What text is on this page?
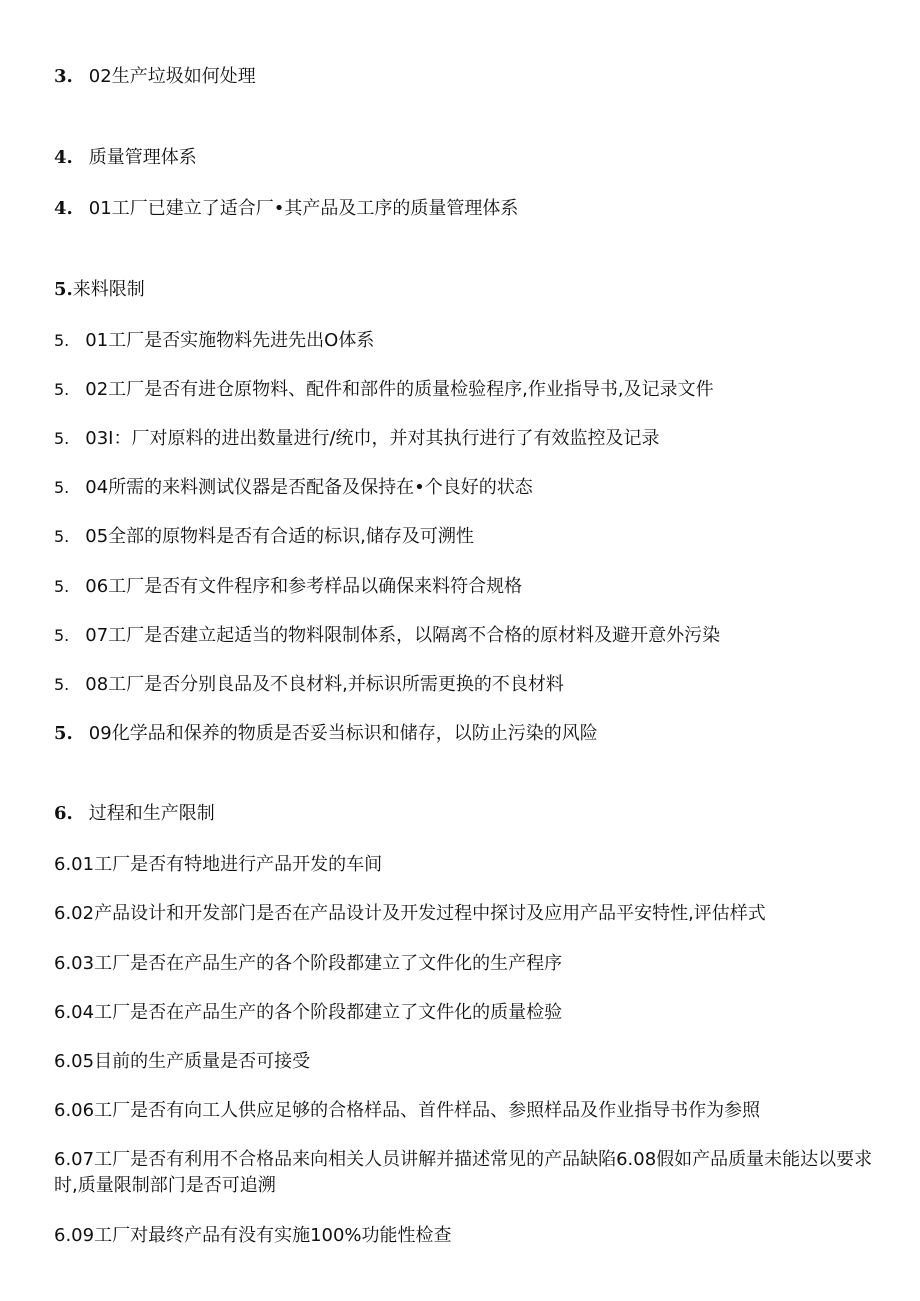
3. 02生产垃圾如何处理
4. 质量管理体系
4. 01工厂已建立了适合厂•其产品及工序的质量管理体系
5.来料限制
5. 01工厂是否实施物料先进先出O体系
5. 02工厂是否有进仓原物料、配件和部件的质量检验程序,作业指导书,及记录文件
5. 03I：厂对原料的进出数量进行/统巾，并对其执行进行了有效监控及记录
5. 04所需的来料测试仪器是否配备及保持在•个良好的状态
5. 05全部的原物料是否有合适的标识,储存及可溯性
5. 06工厂是否有文件程序和参考样品以确保来料符合规格
5. 07工厂是否建立起适当的物料限制体系，以隔离不合格的原材料及避开意外污染
5. 08工厂是否分别良品及不良材料,并标识所需更换的不良材料
5. 09化学品和保养的物质是否妥当标识和储存，以防止污染的风险
6. 过程和生产限制
6.01工厂是否有特地进行产品开发的车间
6.02产品设计和开发部门是否在产品设计及开发过程中探讨及应用产品平安特性,评估样式
6.03工厂是否在产品生产的各个阶段都建立了文件化的生产程序
6.04工厂是否在产品生产的各个阶段都建立了文件化的质量检验
6.05目前的生产质量是否可接受
6.06工厂是否有向工人供应足够的合格样品、首件样品、参照样品及作业指导书作为参照
6.07工厂是否有利用不合格品来向相关人员讲解并描述常见的产品缺陷6.08假如产品质量未能达以要求时,质量限制部门是否可追溯
6.09工厂对最终产品有没有实施100%功能性检查
